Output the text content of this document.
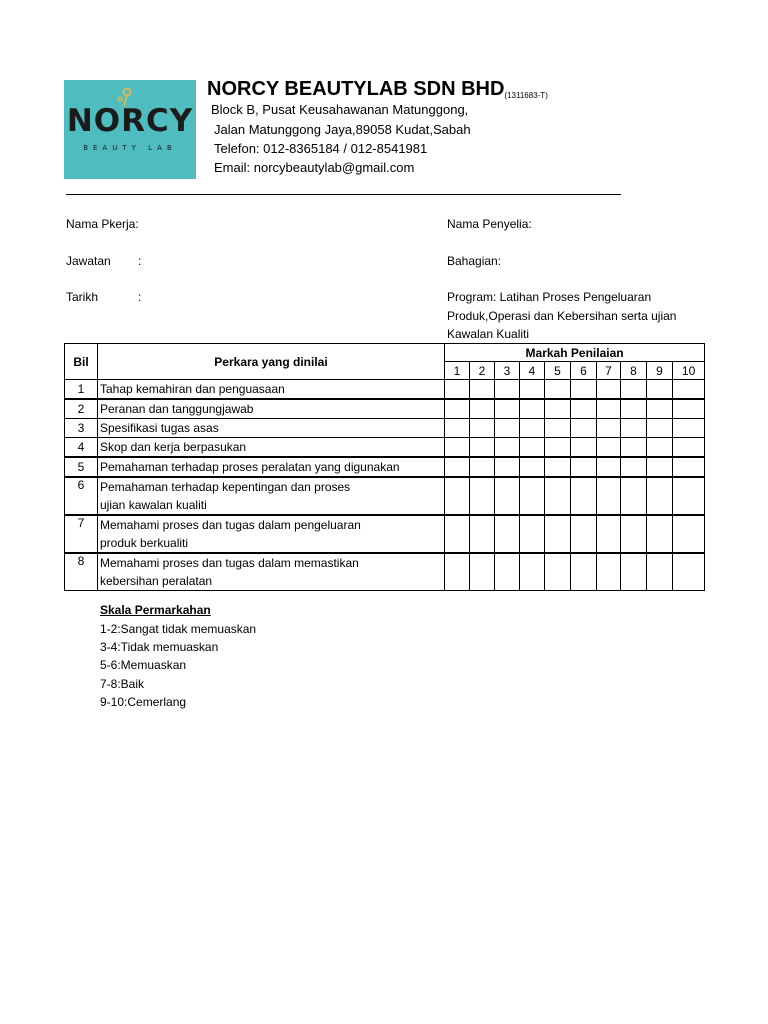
NORCY
BEAUTY LAB
NORCY BEAUTYLAB SDN BHD(1311683-T)
Block B, Pusat Keusahawanan Matunggong,
Jalan Matunggong Jaya,89058 Kudat,Sabah
Telefon: 012-8365184 / 012-8541981
Email: norcybeautylab@gmail.com
Nama Pkerja:
Jawatan :
Tarikh	:
Nama Penyelia:
Bahagian:
Program: Latihan Proses Pengeluaran
Produk,Operasi dan Kebersihan serta ujian
Kawalan Kualiti
Bil	Perkara yang dinilai	Markah Penilaian									
		1	2	3	4	5	6	7	8	9	10
1	Tahap kemahiran dan penguasaan										

2	Peranan dan tanggungjawab										

3	Spesifikasi tugas asas										

4	Skop dan kerja berpasukan										

5	Pemahaman terhadap proses peralatan yang digunakan										

6	Pemahaman terhadap kepentingan dan proses
ujian kawalan kualiti										

7	Memahami proses dan tugas dalam pengeluaran
produk berkualiti										

8	Memahami proses dan tugas dalam memastikan
kebersihan peralatan										

Skala Permarkahan
1-2:Sangat tidak memuaskan
3-4:Tidak memuaskan
5-6:Memuaskan
7-8:Baik
9-10:Cemerlang
